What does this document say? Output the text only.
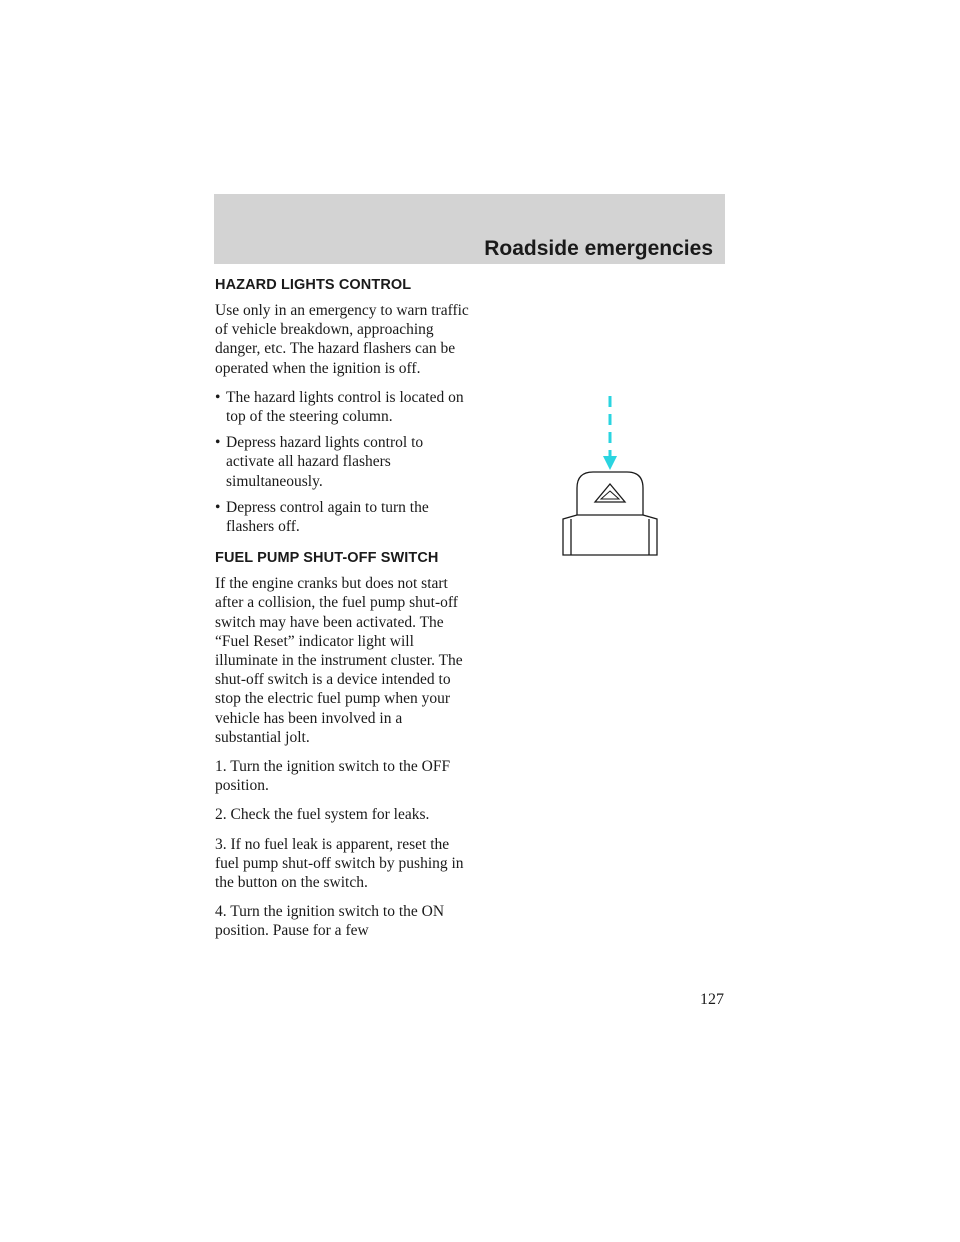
Roadside emergencies
HAZARD LIGHTS CONTROL

Use only in an emergency to warn traffic of vehicle breakdown, approaching danger, etc. The hazard flashers can be operated when the ignition is off.

• The hazard lights control is located on top of the steering column.
• Depress hazard lights control to activate all hazard flashers simultaneously.
• Depress control again to turn the flashers off.
FUEL PUMP SHUT-OFF SWITCH

If the engine cranks but does not start after a collision, the fuel pump shut-off switch may have been activated. The “Fuel Reset” indicator light will illuminate in the instrument cluster. The shut-off switch is a device intended to stop the electric fuel pump when your vehicle has been involved in a substantial jolt.

1. Turn the ignition switch to the OFF position.

2. Check the fuel system for leaks.

3. If no fuel leak is apparent, reset the fuel pump shut-off switch by pushing in the button on the switch.

4. Turn the ignition switch to the ON position. Pause for a few

127
